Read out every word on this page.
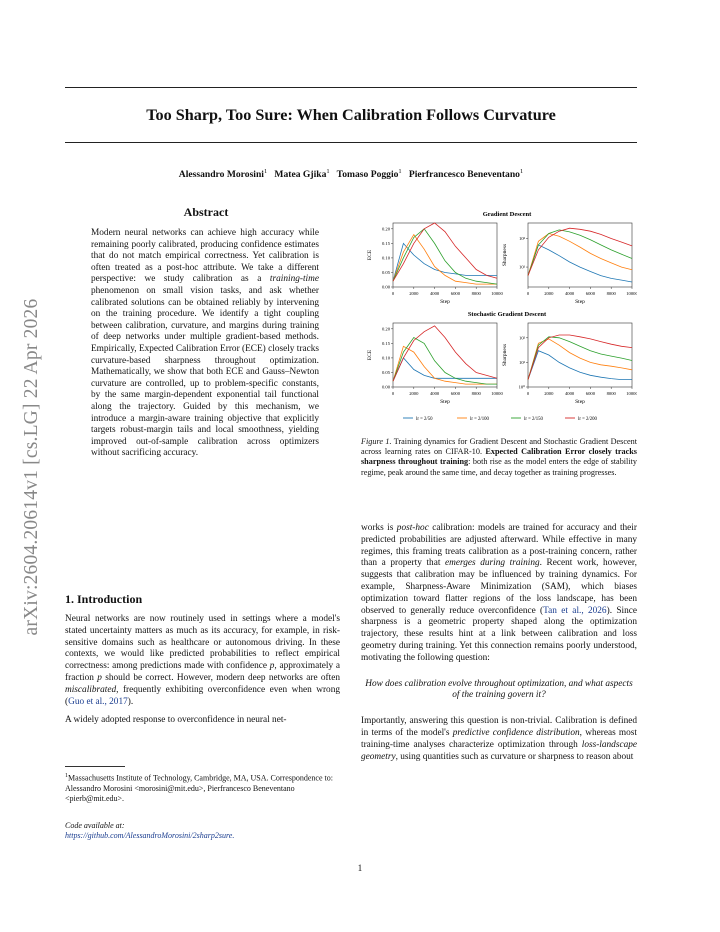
Too Sharp, Too Sure: When Calibration Follows Curvature
Alessandro Morosini$^1$ Matea Gjika$^1$ Tomaso Poggio$^1$ Pierfrancesco Beneventano$^1$
arXiv:2604.20614v1 [cs.LG] 22 Apr 2026
Abstract
Modern neural networks can achieve high accuracy while remaining poorly calibrated, producing confidence estimates that do not match empirical correctness. Yet calibration is often treated as a post-hoc attribute. We take a different perspective: we study calibration as a training-time phenomenon on small vision tasks, and ask whether calibrated solutions can be obtained reliably by intervening on the training procedure. We identify a tight coupling between calibration, curvature, and margins during training of deep networks under multiple gradient-based methods. Empirically, Expected Calibration Error (ECE) closely tracks curvature-based sharpness throughout optimization. Mathematically, we show that both ECE and Gauss–Newton curvature are controlled, up to problem-specific constants, by the same margin-dependent exponential tail functional along the trajectory. Guided by this mechanism, we introduce a margin-aware training objective that explicitly targets robust-margin tails and local smoothness, yielding improved out-of-sample calibration across optimizers without sacrificing accuracy.
1. Introduction

Neural networks are now routinely used in settings where a model's stated uncertainty matters as much as its accuracy, for example, in risk-sensitive domains such as healthcare or autonomous driving. In these contexts, we would like predicted probabilities to reflect empirical correctness: among predictions made with confidence p, approximately a fraction p should be correct. However, modern deep networks are often miscalibrated, frequently exhibiting overconfidence even when wrong (Guo et al., 2017).

A widely adopted response to overconfidence in neural net-

$^1$Massachusetts Institute of Technology, Cambridge, MA, USA. Correspondence to: Alessandro Morosini <morosini@mit.edu>, Pierfrancesco Beneventano <pierb@mit.edu>.
Code available at:
https://github.com/AlessandroMorosini/2sharp2sure.
Gradient Descent
Stochastic Gradient Descent
0	2000	4000	6000	8000 10000
Step
0.00
0.05
0.10
0.15
0.20
ECE
0	2000	4000	6000	8000 10000
Step
10¹
10²
Sharpness
0	2000	4000	6000	8000 10000
Step
0.00
0.05
0.10
0.15
0.20
ECE
0	2000	4000	6000	8000 10000
Step
10⁰
10¹
10²
Sharpness
lr = 2/50	lr = 2/100	lr = 2/150	lr = 2/200
Figure 1. Training dynamics for Gradient Descent and Stochastic Gradient Descent across learning rates on CIFAR-10. Expected Calibration Error closely tracks sharpness throughout training: both rise as the model enters the edge of stability regime, peak around the same time, and decay together as training progresses.

works is post-hoc calibration: models are trained for accuracy and their predicted probabilities are adjusted afterward. While effective in many regimes, this framing treats calibration as a post-training concern, rather than a property that emerges during training. Recent work, however, suggests that calibration may be influenced by training dynamics. For example, Sharpness-Aware Minimization (SAM), which biases optimization toward flatter regions of the loss landscape, has been observed to generally reduce overconfidence (Tan et al., 2026). Since sharpness is a geometric property shaped along the optimization trajectory, these results hint at a link between calibration and loss geometry during training. Yet this connection remains poorly understood, motivating the following question:

How does calibration evolve throughout optimization, and what aspects of the training govern it?

Importantly, answering this question is non-trivial. Calibration is defined in terms of the model's predictive confidence distribution, whereas most training-time analyses characterize optimization through loss-landscape geometry, using quantities such as curvature or sharpness to reason about

1
